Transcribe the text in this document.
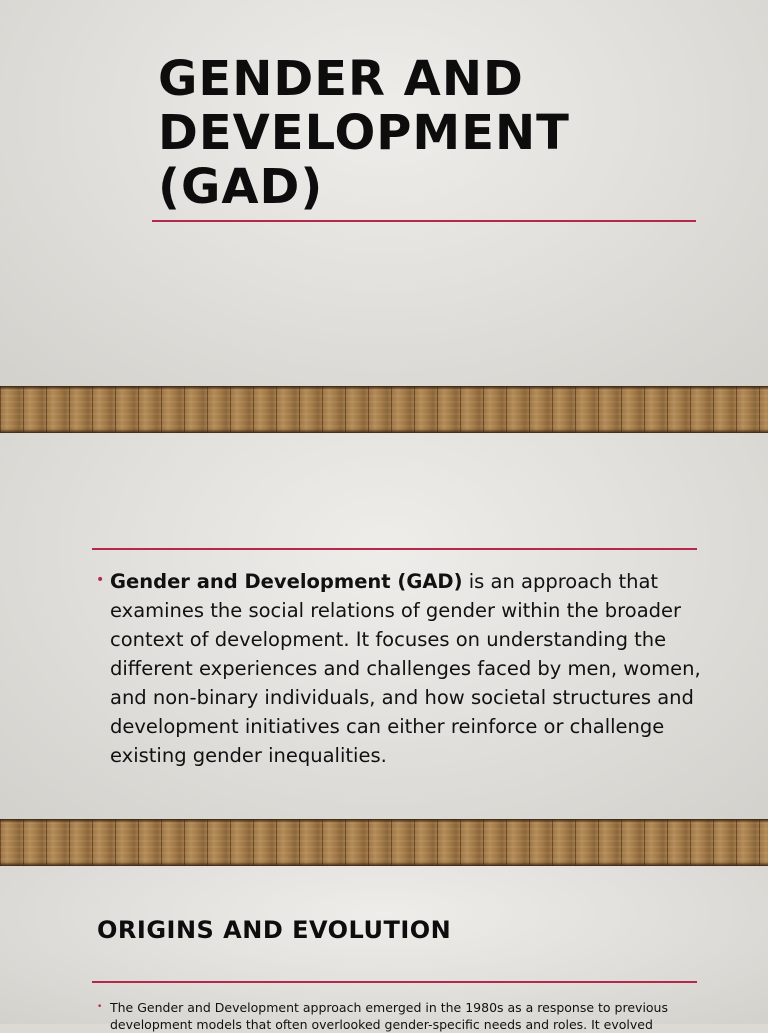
GENDER AND DEVELOPMENT (GAD)
• Gender and Development (GAD) is an approach that examines the social relations of gender within the broader context of development. It focuses on understanding the different experiences and challenges faced by men, women, and non-binary individuals, and how societal structures and development initiatives can either reinforce or challenge existing gender inequalities.
ORIGINS AND EVOLUTION
• The Gender and Development approach emerged in the 1980s as a response to previous development models that often overlooked gender-specific needs and roles. It evolved
